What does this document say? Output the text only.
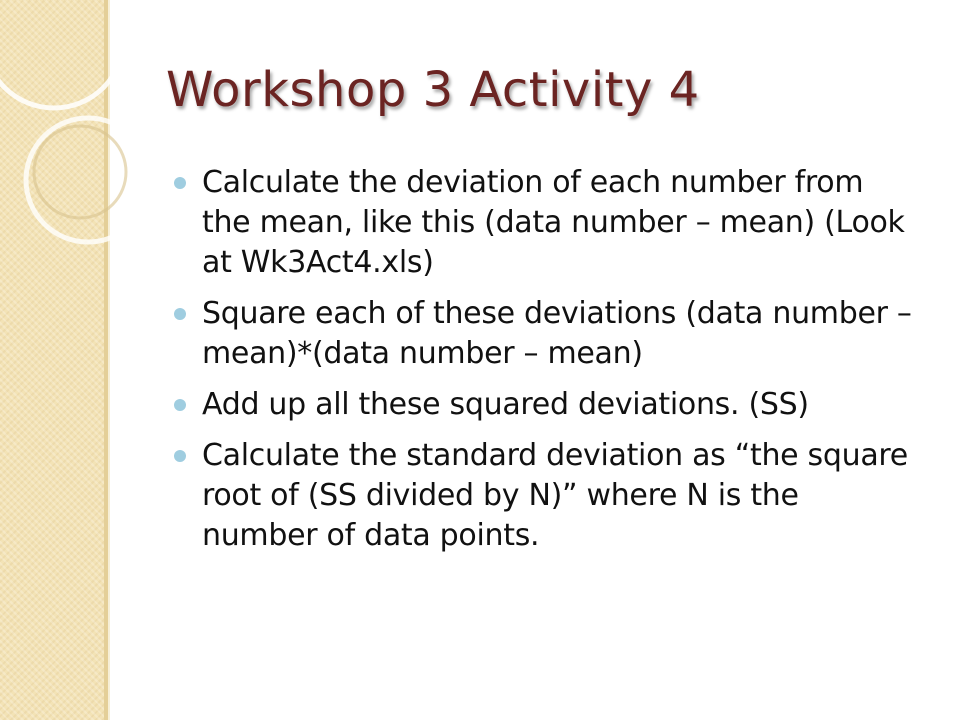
Workshop 3 Activity 4
Calculate the deviation of each number from the mean, like this (data number – mean) (Look at Wk3Act4.xls)
Square each of these deviations (data number – mean)*(data number – mean)
Add up all these squared deviations. (SS)
Calculate the standard deviation as “the square root of (SS divided by N)” where N is the number of data points.
